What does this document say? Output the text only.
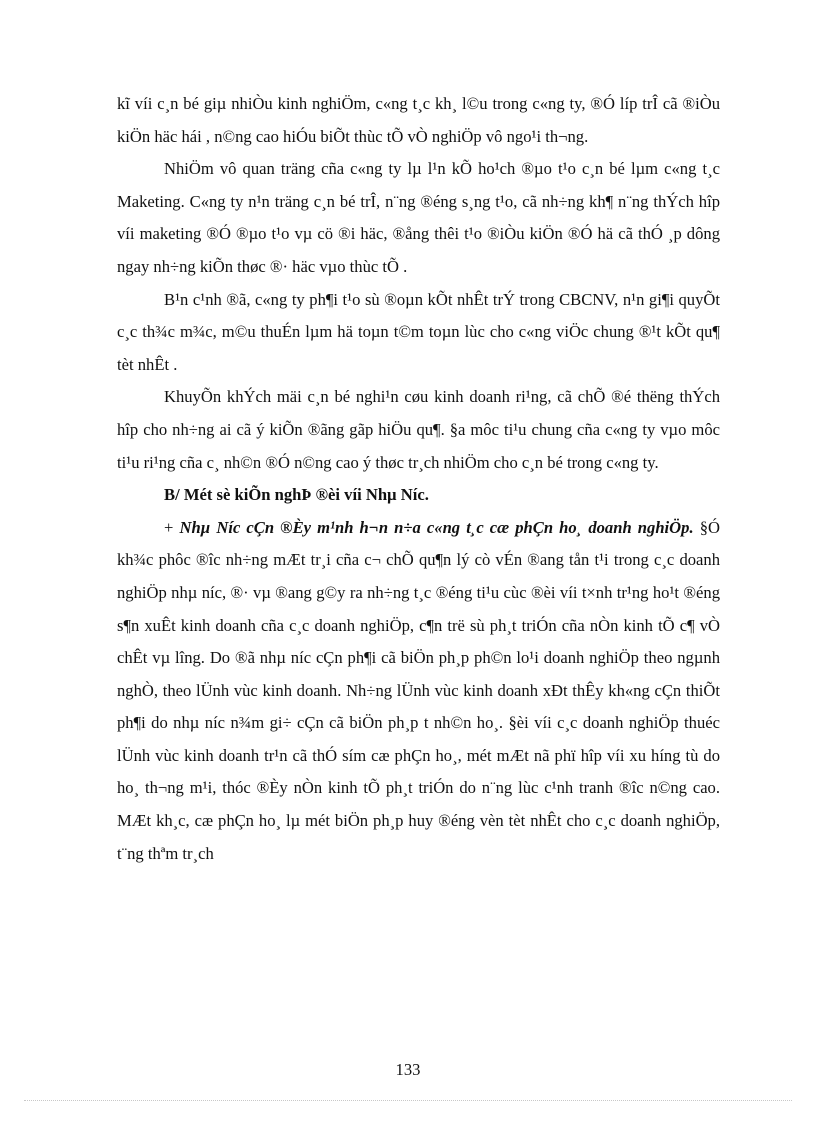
kĩ víi c¸n bé giµ nhiÒu kinh nghiÖm, c«ng t¸c kh¸ l©u trong c«ng ty, ®Ó líp trÎ cã ®iÒu kiÖn häc hái , n©ng cao hiÓu biÕt thùc tÕ vÒ nghiÖp vô ngo¹i th¬ng.

NhiÖm vô quan träng cña c«ng ty lµ l¹n kÕ ho¹ch ®µo t¹o c¸n bé lµm c«ng t¸c Maketing. C«ng ty n¹n träng c¸n bé trÎ, n¨ng ®éng s¸ng t¹o, cã nh÷ng kh¶ n¨ng thÝch hîp víi maketing ®Ó ®µo t¹o vµ cö ®i häc, ®ång thêi t¹o ®iÒu kiÖn ®Ó hä cã thÓ ¸p dông ngay nh÷ng kiÕn thøc ®· häc vµo thùc tÕ .

B¹n c¹nh ®ã, c«ng ty ph¶i t¹o sù ®oµn kÕt nhÊt trÝ trong CBCNV, n¹n gi¶i quyÕt c¸c th¾c m¾c, m©u thuÉn lµm hä toµn t©m toµn lùc cho c«ng viÖc chung ®¹t kÕt qu¶ tèt nhÊt .

KhuyÕn khÝch mäi c¸n bé nghi¹n cøu kinh doanh ri¹ng, cã chÕ ®é thëng thÝch hîp cho nh÷ng ai cã ý kiÕn ®ãng gãp hiÖu qu¶. §a môc ti¹u chung cña c«ng ty vµo môc ti¹u ri¹ng cña c¸ nh©n ®Ó n©ng cao ý thøc tr¸ch nhiÖm cho c¸n bé trong c«ng ty.

B/ Mét sè kiÕn nghÞ ®èi víi Nhµ Níc.

+ Nhµ Níc cÇn ®Èy m¹nh h¬n n÷a c«ng t¸c cæ phÇn ho¸ doanh nghiÖp. §Ó kh¾c phôc ®îc nh÷ng mÆt tr¸i cña c¬ chÕ qu¶n lý cò vÉn ®ang tån t¹i trong c¸c doanh nghiÖp nhµ níc, ®· vµ ®ang g©y ra nh÷ng t¸c ®éng ti¹u cùc ®èi víi t×nh tr¹ng ho¹t ®éng s¶n xuÊt kinh doanh cña c¸c doanh nghiÖp, c¶n trë sù ph¸t triÓn cña nÒn kinh tÕ c¶ vÒ chÊt vµ lîng. Do ®ã nhµ níc cÇn ph¶i cã biÖn ph¸p ph©n lo¹i doanh nghiÖp theo ngµnh nghÒ, theo lÜnh vùc kinh doanh. Nh÷ng lÜnh vùc kinh doanh xÐt thÊy kh«ng cÇn thiÕt ph¶i do nhµ níc n¾m gi÷ cÇn cã biÖn ph¸p t nh©n ho¸. §èi víi c¸c doanh nghiÖp thuéc lÜnh vùc kinh doanh tr¹n cã thÓ sím cæ phÇn ho¸, mét mÆt nã phï hîp víi xu híng tù do ho¸ th¬ng m¹i, thóc ®Èy nÒn kinh tÕ ph¸t triÓn do n¨ng lùc c¹nh tranh ®îc n©ng cao. MÆt kh¸c, cæ phÇn ho¸ lµ mét biÖn ph¸p huy ®éng vèn tèt nhÊt cho c¸c doanh nghiÖp, t¨ng thªm tr¸ch

133
